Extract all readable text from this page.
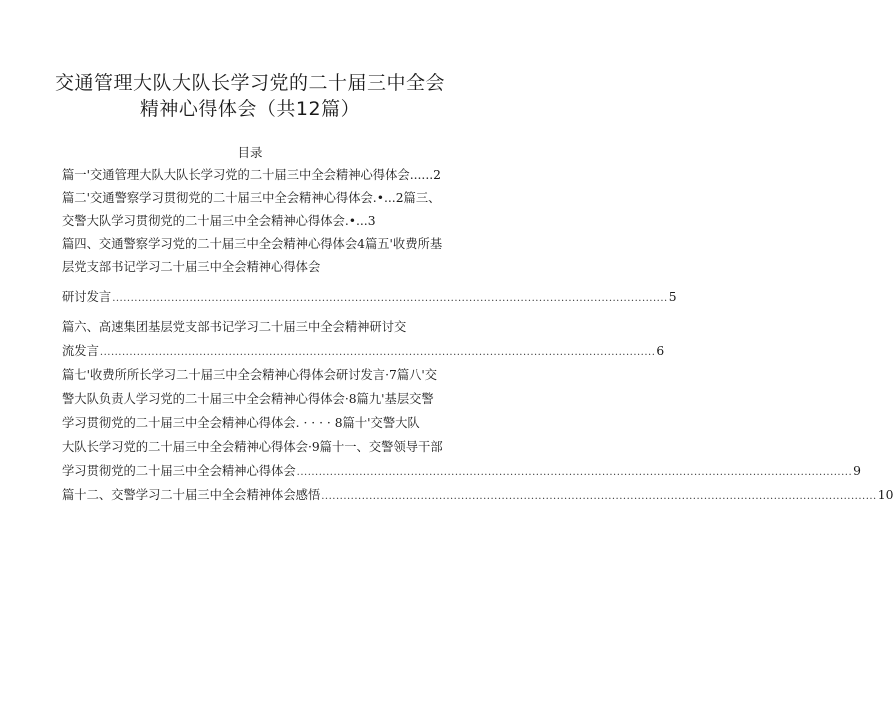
交通管理大队大队长学习党的二十届三中全会
精神心得体会（共12篇）
目录
篇一'交通管理大队大队长学习党的二十届三中全会精神心得体会......2
篇二'交通警察学习贯彻党的二十届三中全会精神心得体会.•...2篇三、
交警大队学习贯彻党的二十届三中全会精神心得体会.•...3
篇四、交通警察学习党的二十届三中全会精神心得体会4篇五'收费所基
层党支部书记学习二十届三中全会精神心得体会
研讨发言 ....................................................................................................................................................... 5
篇六、高速集团基层党支部书记学习二十届三中全会精神研讨交
流发言 ....................................................................................................................................................... 6
篇七'收费所所长学习二十届三中全会精神心得体会研讨发言·7篇八'交
警大队负责人学习党的二十届三中全会精神心得体会·8篇九'基层交警
学习贯彻党的二十届三中全会精神心得体会. · · · · 8篇十'交警大队
大队长学习党的二十届三中全会精神心得体会·9篇十一、交警领导干部
学习贯彻党的二十届三中全会精神心得体会 ....................................................................................................................................................... 9
篇十二、交警学习二十届三中全会精神体会感悟 ....................................................................................................................................................... 10
